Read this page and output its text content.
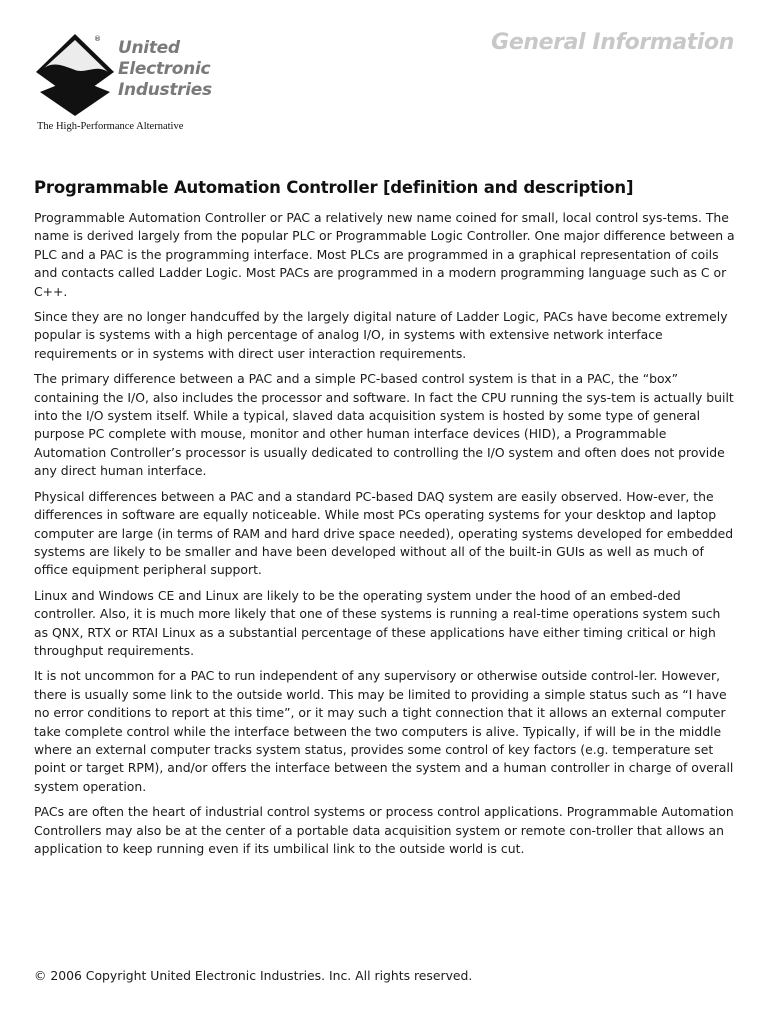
® United
Electronic
Industries
The High-Performance Alternative
General Information
Programmable Automation Controller [definition and description]

Programmable Automation Controller or PAC a relatively new name coined for small, local control sys-tems. The name is derived largely from the popular PLC or Programmable Logic Controller. One major difference between a PLC and a PAC is the programming interface. Most PLCs are programmed in a graphical representation of coils and contacts called Ladder Logic. Most PACs are programmed in a modern programming language such as C or C++.

Since they are no longer handcuffed by the largely digital nature of Ladder Logic, PACs have become extremely popular is systems with a high percentage of analog I/O, in systems with extensive network interface requirements or in systems with direct user interaction requirements.

The primary difference between a PAC and a simple PC-based control system is that in a PAC, the “box” containing the I/O, also includes the processor and software. In fact the CPU running the sys-tem is actually built into the I/O system itself. While a typical, slaved data acquisition system is hosted by some type of general purpose PC complete with mouse, monitor and other human interface devices (HID), a Programmable Automation Controller’s processor is usually dedicated to controlling the I/O system and often does not provide any direct human interface.

Physical differences between a PAC and a standard PC-based DAQ system are easily observed. How-ever, the differences in software are equally noticeable. While most PCs operating systems for your desktop and laptop computer are large (in terms of RAM and hard drive space needed), operating systems developed for embedded systems are likely to be smaller and have been developed without all of the built-in GUIs as well as much of office equipment peripheral support.

Linux and Windows CE and Linux are likely to be the operating system under the hood of an embed-ded controller. Also, it is much more likely that one of these systems is running a real-time operations system such as QNX, RTX or RTAI Linux as a substantial percentage of these applications have either timing critical or high throughput requirements.

It is not uncommon for a PAC to run independent of any supervisory or otherwise outside control-ler. However, there is usually some link to the outside world. This may be limited to providing a simple status such as “I have no error conditions to report at this time”, or it may such a tight connection that it allows an external computer take complete control while the interface between the two computers is alive. Typically, if will be in the middle where an external computer tracks system status, provides some control of key factors (e.g. temperature set point or target RPM), and/or offers the interface between the system and a human controller in charge of overall system operation.

PACs are often the heart of industrial control systems or process control applications. Programmable Automation Controllers may also be at the center of a portable data acquisition system or remote con-troller that allows an application to keep running even if its umbilical link to the outside world is cut.

© 2006 Copyright United Electronic Industries. Inc. All rights reserved.
